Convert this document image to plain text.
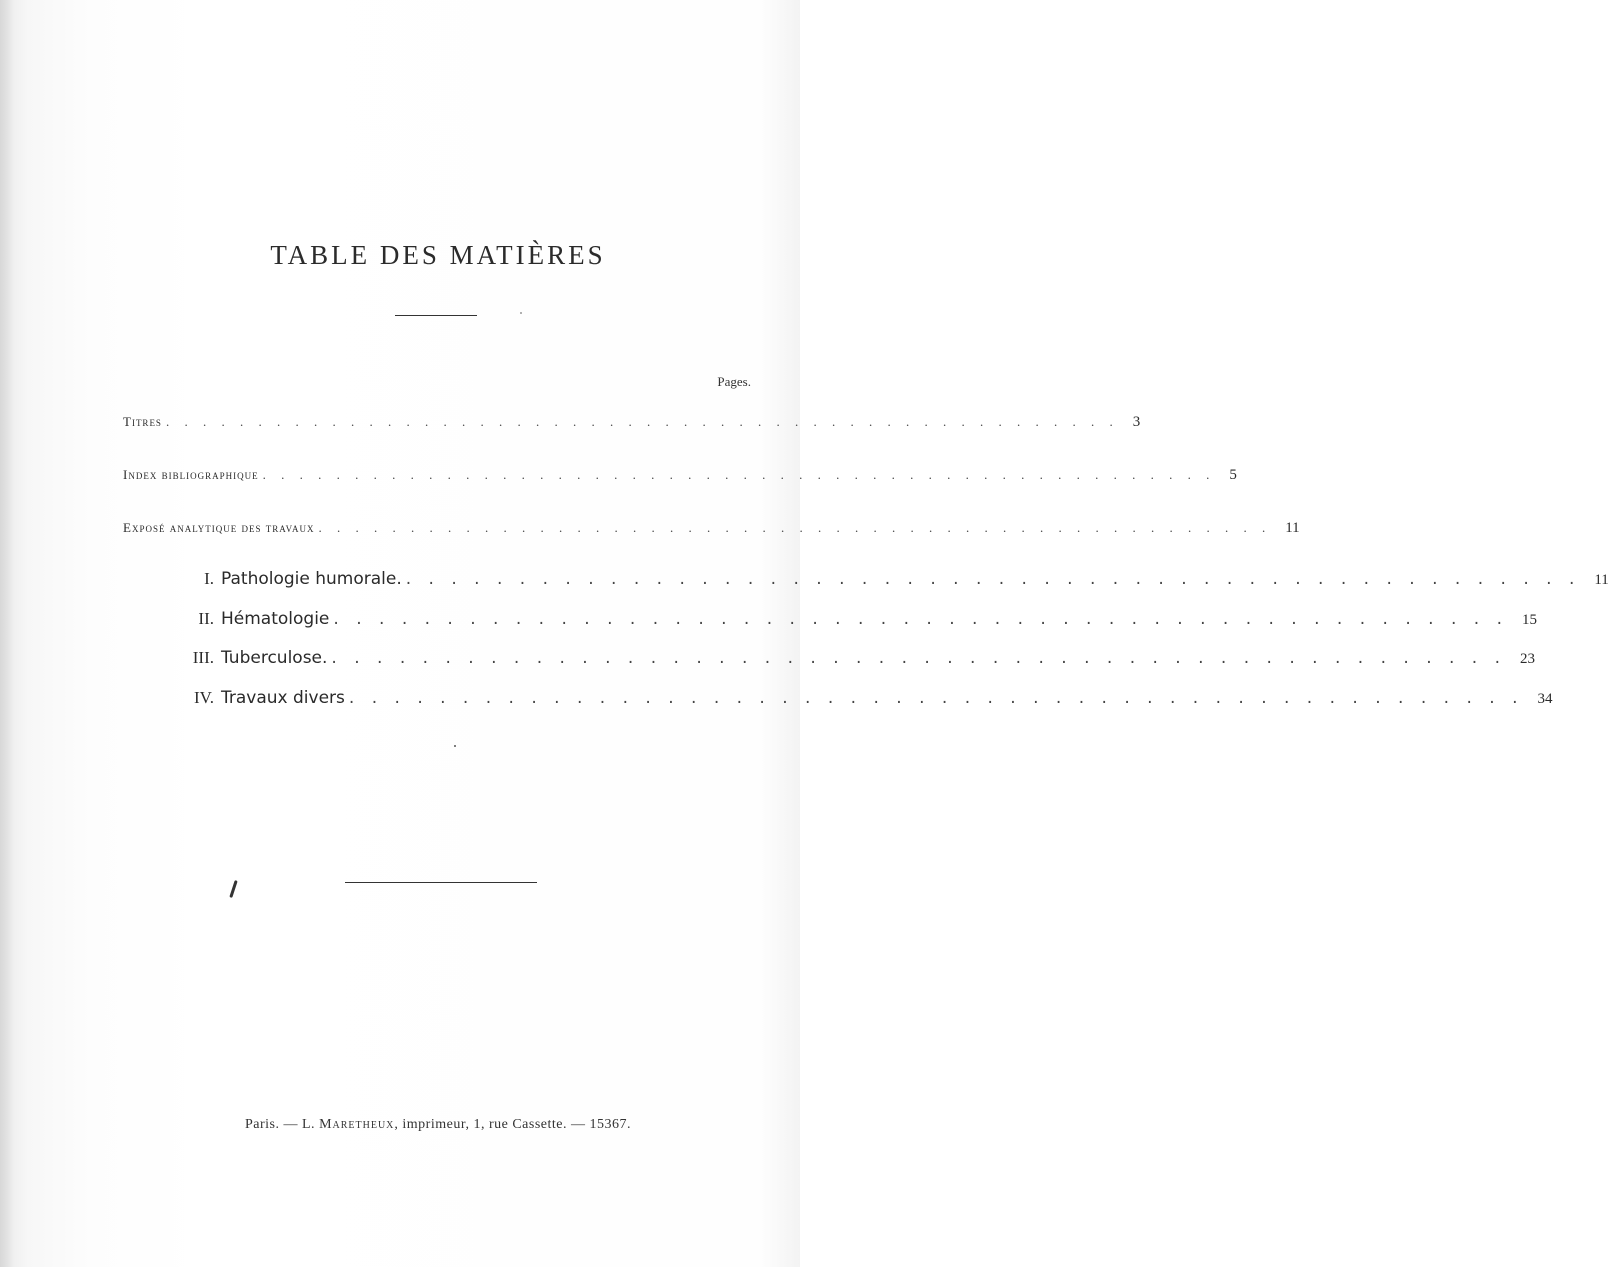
TABLE DES MATIÈRES
Pages.
Titres . . . . . . . . . . . . . . . . . . . . . . . . . . . . . . . . . . . . . . . . . . . . . . . . . . . . 3
Index bibliographique . . . . . . . . . . . . . . . . . . . . . . . . . . . . . . . . . . . . . . . . . . . . . . . . . . . . 5
Exposé analytique des travaux . . . . . . . . . . . . . . . . . . . . . . . . . . . . . . . . . . . . . . . . . . . . . . . . . . . . 11
I. Pathologie humorale. . . . . . . . . . . . . . . . . . . . . . . . . . . . . . . . . . . . . . . . . . . . . . . . . . . . . 11
II. Hématologie . . . . . . . . . . . . . . . . . . . . . . . . . . . . . . . . . . . . . . . . . . . . . . . . . . . . 15
III. Tuberculose. . . . . . . . . . . . . . . . . . . . . . . . . . . . . . . . . . . . . . . . . . . . . . . . . . . . . 23
IV. Travaux divers . . . . . . . . . . . . . . . . . . . . . . . . . . . . . . . . . . . . . . . . . . . . . . . . . . . . 34
Paris. — L. Maretheux, imprimeur, 1, rue Cassette. — 15367.
